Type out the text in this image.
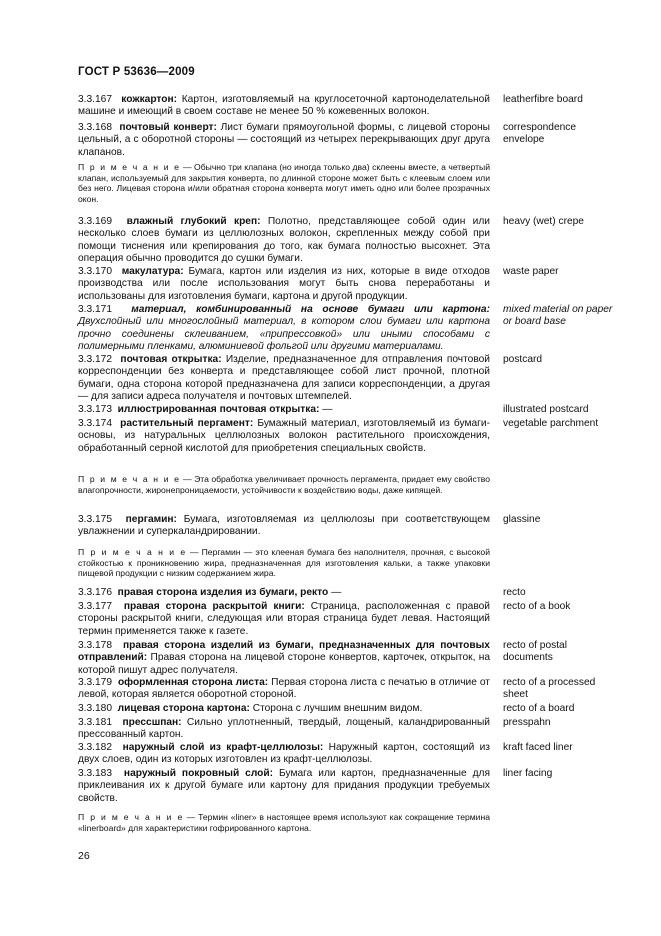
ГОСТ Р 53636—2009
3.3.167 кожкартон: Картон, изготовляемый на круглосеточной картоноделательной машине и имеющий в своем составе не менее 50 % кожевенных волокон.
leatherfibre board
3.3.168 почтовый конверт: Лист бумаги прямоугольной формы, с лицевой стороны цельный, а с оборотной стороны — состоящий из четырех перекрывающих друг друга клапанов.
correspondence envelope
П р и м е ч а н и е — Обычно три клапана (но иногда только два) склеены вместе, а четвертый клапан, используемый для закрытия конверта, по длинной стороне может быть с клеевым слоем или без него. Лицевая сторона и/или обратная сторона конверта могут иметь одно или более прозрачных окон.
3.3.169 влажный глубокий креп: Полотно, представляющее собой один или несколько слоев бумаги из целлюлозных волокон, скрепленных между собой при помощи тиснения или крепирования до того, как бумага полностью высохнет. Эта операция обычно проводится до сушки бумаги.
heavy (wet) crepe
3.3.170 макулатура: Бумага, картон или изделия из них, которые в виде отходов производства или после использования могут быть снова переработаны и использованы для изготовления бумаги, картона и другой продукции.
waste paper
3.3.171 материал, комбинированный на основе бумаги или картона: Двухслойный или многослойный материал, в котором слои бумаги или картона прочно соединены склеиванием, «припрессовкой» или иными способами с полимерными пленками, алюминиевой фольгой или другими материалами.
mixed material on paper or board base
3.3.172 почтовая открытка: Изделие, предназначенное для отправления почтовой корреспонденции без конверта и представляющее собой лист прочной, плотной бумаги, одна сторона которой предназначена для записи корреспонденции, а другая — для записи адреса получателя и почтовых штемпелей.
postcard
3.3.173 иллюстрированная почтовая открытка: —	illustrated postcard
3.3.174 растительный пергамент: Бумажный материал, изготовляемый из бумаги-основы, из натуральных целлюлозных волокон растительного происхождения, обработанный серной кислотой для приобретения специальных свойств.
vegetable parchment
П р и м е ч а н и е — Эта обработка увеличивает прочность пергамента, придает ему свойство влагопрочности, жиронепроницаемости, устойчивости к воздействию воды, даже кипящей.
3.3.175 пергамин: Бумага, изготовляемая из целлюлозы при соответствующем увлажнении и суперкаландрировании.
glassine
П р и м е ч а н и е — Пергамин — это клееная бумага без наполнителя, прочная, с высокой стойкостью к проникновению жира, предназначенная для изготовления кальки, а также упаковки пищевой продукции с низким содержанием жира.
3.3.176 правая сторона изделия из бумаги, ректо —	recto
3.3.177 правая сторона раскрытой книги: Страница, расположенная с правой стороны раскрытой книги, следующая или вторая страница будет левая. Настоящий термин применяется также к газете.
recto of a book
3.3.178 правая сторона изделий из бумаги, предназначенных для почтовых отправлений: Правая сторона на лицевой стороне конвертов, карточек, открыток, на которой пишут адрес получателя.
recto of postal documents
3.3.179 оформленная сторона листа: Первая сторона листа с печатью в отличие от левой, которая является оборотной стороной.
recto of a processed sheet
3.3.180 лицевая сторона картона: Сторона с лучшим внешним видом.	recto of a board
3.3.181 прессшпан: Сильно уплотненный, твердый, лощеный, каландрированный прессованный картон.
presspahn
3.3.182 наружный слой из крафт-целлюлозы: Наружный картон, состоящий из двух слоев, один из которых изготовлен из крафт-целлюлозы.
kraft faced liner
3.3.183 наружный покровный слой: Бумага или картон, предназначенные для приклеивания их к другой бумаге или картону для придания продукции требуемых свойств.
liner facing
П р и м е ч а н и е — Термин «liner» в настоящее время используют как сокращение термина «linerboard» для характеристики гофрированного картона.
26
